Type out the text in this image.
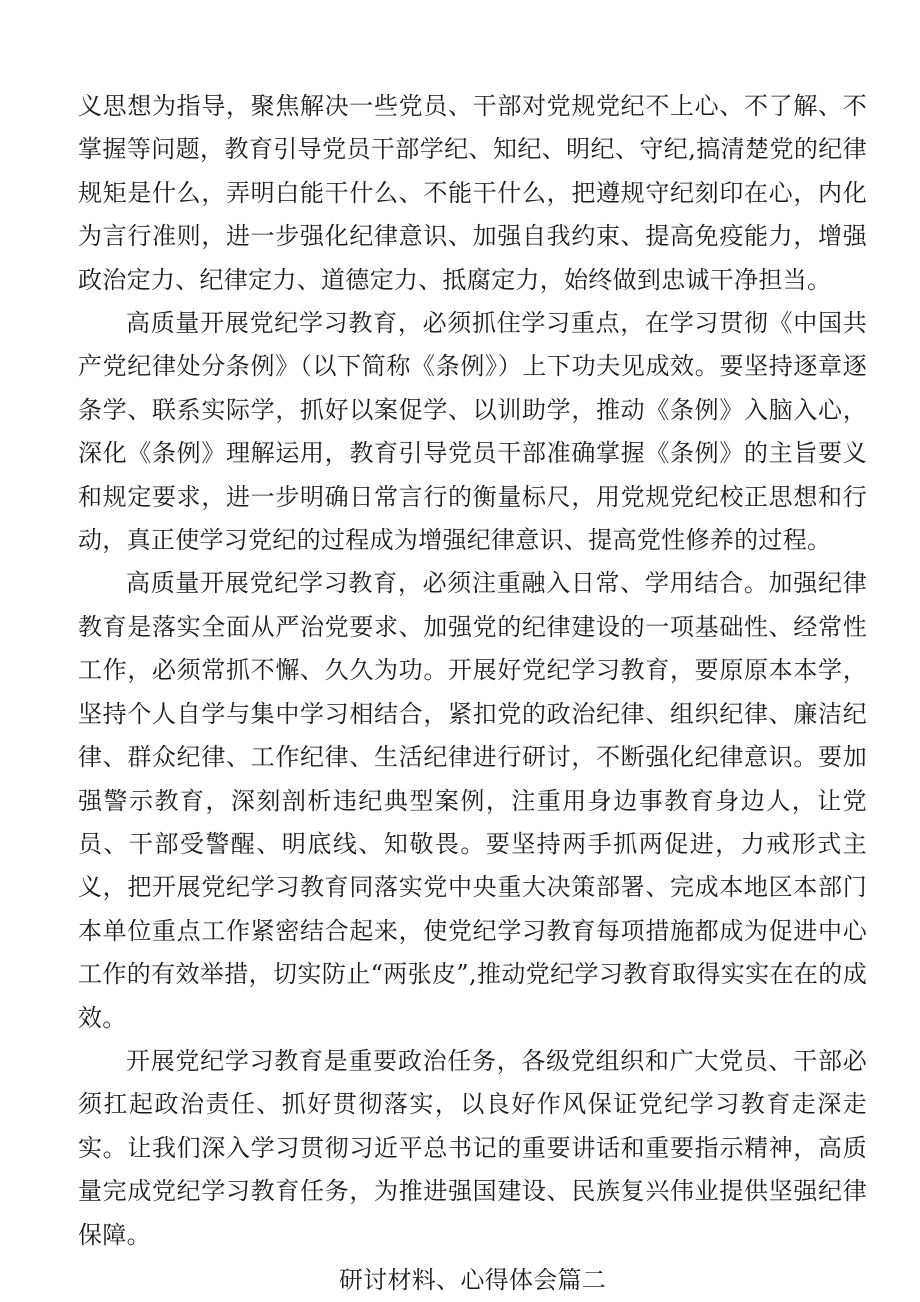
义思想为指导，聚焦解决一些党员、干部对党规党纪不上心、不了解、不掌握等问题，教育引导党员干部学纪、知纪、明纪、守纪,搞清楚党的纪律规矩是什么，弄明白能干什么、不能干什么，把遵规守纪刻印在心，内化为言行准则，进一步强化纪律意识、加强自我约束、提高免疫能力，增强政治定力、纪律定力、道德定力、抵腐定力，始终做到忠诚干净担当。

高质量开展党纪学习教育，必须抓住学习重点，在学习贯彻《中国共产党纪律处分条例》（以下简称《条例》）上下功夫见成效。要坚持逐章逐条学、联系实际学，抓好以案促学、以训助学，推动《条例》入脑入心，深化《条例》理解运用，教育引导党员干部准确掌握《条例》的主旨要义和规定要求，进一步明确日常言行的衡量标尺，用党规党纪校正思想和行动，真正使学习党纪的过程成为增强纪律意识、提高党性修养的过程。

高质量开展党纪学习教育，必须注重融入日常、学用结合。加强纪律教育是落实全面从严治党要求、加强党的纪律建设的一项基础性、经常性工作，必须常抓不懈、久久为功。开展好党纪学习教育，要原原本本学，坚持个人自学与集中学习相结合，紧扣党的政治纪律、组织纪律、廉洁纪律、群众纪律、工作纪律、生活纪律进行研讨，不断强化纪律意识。要加强警示教育，深刻剖析违纪典型案例，注重用身边事教育身边人，让党员、干部受警醒、明底线、知敬畏。要坚持两手抓两促进，力戒形式主义，把开展党纪学习教育同落实党中央重大决策部署、完成本地区本部门本单位重点工作紧密结合起来，使党纪学习教育每项措施都成为促进中心工作的有效举措，切实防止“两张皮”,推动党纪学习教育取得实实在在的成效。

开展党纪学习教育是重要政治任务，各级党组织和广大党员、干部必须扛起政治责任、抓好贯彻落实，以良好作风保证党纪学习教育走深走实。让我们深入学习贯彻习近平总书记的重要讲话和重要指示精神，高质量完成党纪学习教育任务，为推进强国建设、民族复兴伟业提供坚强纪律保障。

研讨材料、心得体会篇二
